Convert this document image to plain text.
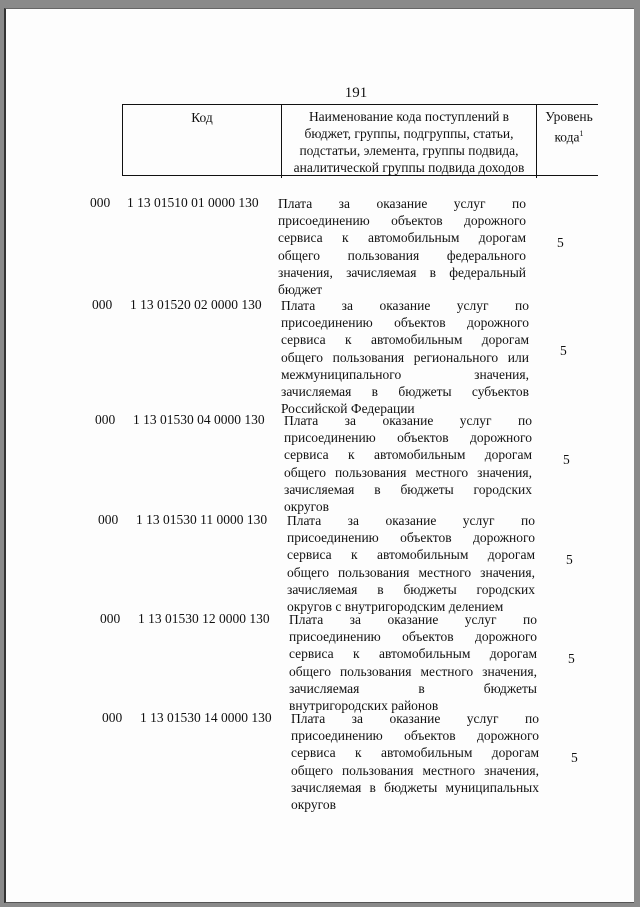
191
Код	Наименование кода поступлений в
бюджет, группы, подгруппы, статьи,
подстатьи, элемента, группы подвида,
аналитической группы подвида доходов
Уровень
кода$^1$
000 1 13 01510 01 0000 130 Плата за оказание услуг по
присоединению объектов дорожного
сервиса к автомобильным дорогам
общего пользования федерального
значения, зачисляемая в федеральный
бюджет
5
000 1 13 01520 02 0000 130 Плата за оказание услуг по
присоединению объектов дорожного
сервиса к автомобильным дорогам
общего пользования регионального или
межмуниципального значения,
зачисляемая в бюджеты субъектов
Российской Федерации
5
000 1 13 01530 04 0000 130 Плата за оказание услуг по
присоединению объектов дорожного
сервиса к автомобильным дорогам
общего пользования местного значения,
зачисляемая в бюджеты городских
округов
5
000 1 13 01530 11 0000 130 Плата за оказание услуг по
присоединению объектов дорожного
сервиса к автомобильным дорогам
общего пользования местного значения,
зачисляемая в бюджеты городских
округов с внутригородским делением
5
000 1 13 01530 12 0000 130 Плата за оказание услуг по
присоединению объектов дорожного
сервиса к автомобильным дорогам
общего пользования местного значения,
зачисляемая в бюджеты
внутригородских районов
5
000 1 13 01530 14 0000 130 Плата за оказание услуг по
присоединению объектов дорожного
сервиса к автомобильным дорогам
общего пользования местного значения,
зачисляемая в бюджеты муниципальных
округов
5
